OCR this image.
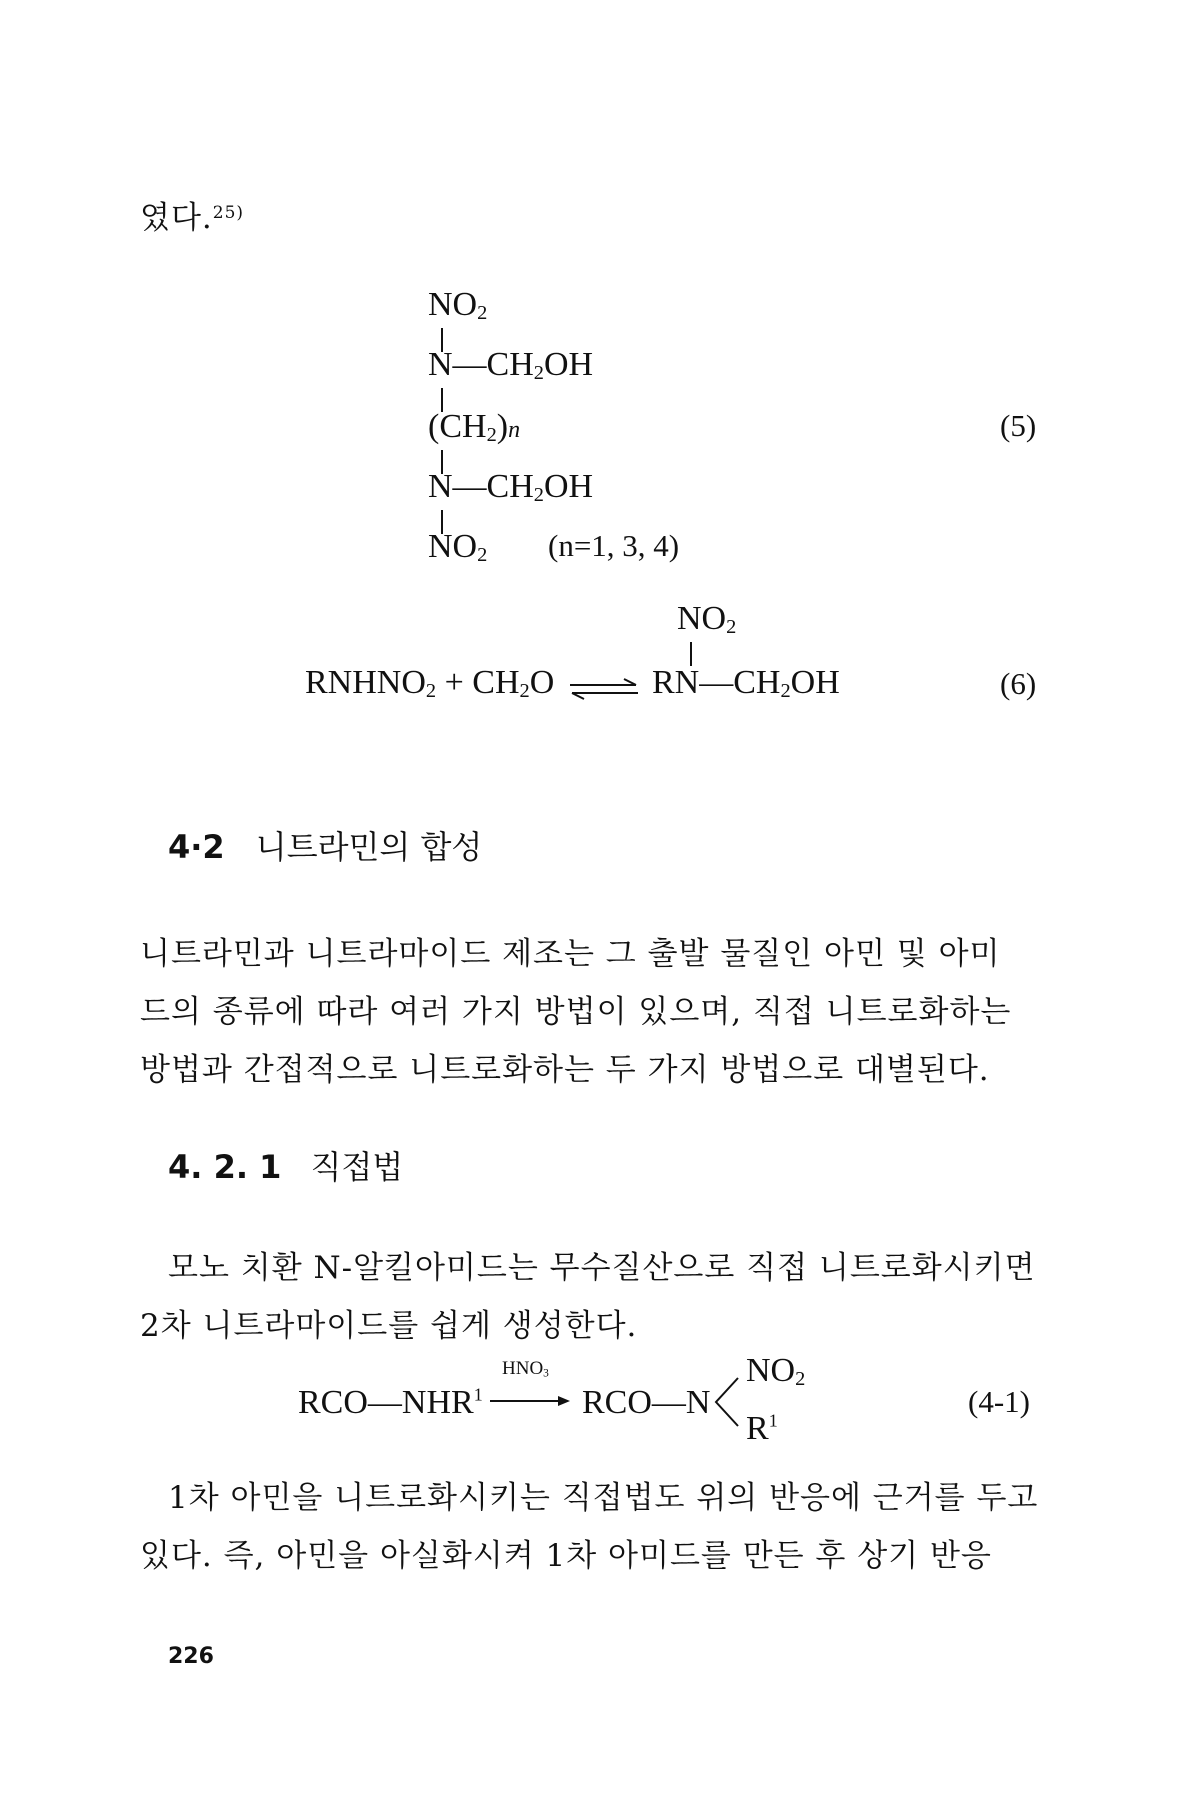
였다.$^{25)}$
$NO_2$
$N—CH_2OH$
$(CH_2)n$
$N—CH_2OH$
$NO_2$ (n=1, 3, 4)
(5)
$NO_2$
$RNHNO_2 + CH_2O$	$RN—CH_2OH$	(6)
4·2 니트라민의 합성
니트라민과 니트라마이드 제조는 그 출발 물질인 아민 및 아미
드의 종류에 따라 여러 가지 방법이 있으며, 직접 니트로화하는
방법과 간접적으로 니트로화하는 두 가지 방법으로 대별된다.
4. 2. 1 직접법
모노 치환 N-알킬아미드는 무수질산으로 직접 니트로화시키면
2차 니트라마이드를 쉽게 생성한다.
RCO—NHR$^1$
$HNO_3$
RCO—N
$NO_2$
$R^1$
(4-1)
1차 아민을 니트로화시키는 직접법도 위의 반응에 근거를 두고
있다. 즉, 아민을 아실화시켜 1차 아미드를 만든 후 상기 반응
226
